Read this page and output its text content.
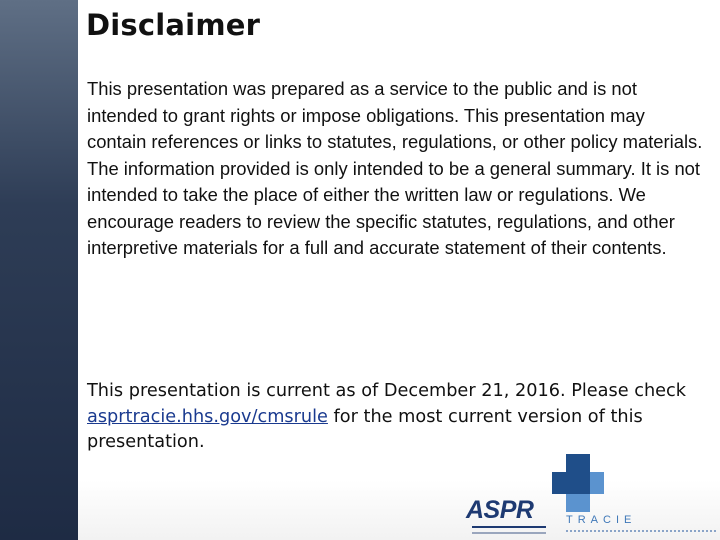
Disclaimer

This presentation was prepared as a service to the public and is not intended to grant rights or impose obligations. This presentation may contain references or links to statutes, regulations, or other policy materials. The information provided is only intended to be a general summary. It is not intended to take the place of either the written law or regulations. We encourage readers to review the specific statutes, regulations, and other interpretive materials for a full and accurate statement of their contents.

This presentation is current as of December 21, 2016. Please check asprtracie.hhs.gov/cmsrule for the most current version of this presentation.

ASPR	TRACIE
